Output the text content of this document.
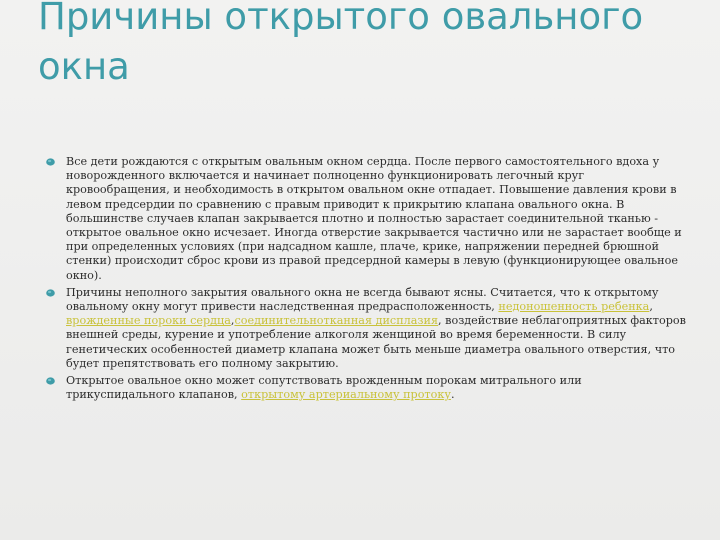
Причины открытого овального окна

Все дети рождаются с открытым овальным окном сердца. После первого самостоятельного вдоха у новорожденного включается и начинает полноценно функционировать легочный круг кровообращения, и необходимость в открытом овальном окне отпадает. Повышение давления крови в левом предсердии по сравнению с правым приводит к прикрытию клапана овального окна. В большинстве случаев клапан закрывается плотно и полностью зарастает соединительной тканью - открытое овальное окно исчезает. Иногда отверстие закрывается частично или не зарастает вообще и при определенных условиях (при надсадном кашле, плаче, крике, напряжении передней брюшной стенки) происходит сброс крови из правой предсердной камеры в левую (функционирующее овальное окно).

Причины неполного закрытия овального окна не всегда бывают ясны. Считается, что к открытому овальному окну могут привести наследственная предрасположенность, недоношенность ребенка, врожденные пороки сердца,соединительнотканная дисплазия, воздействие неблагоприятных факторов внешней среды, курение и употребление алкоголя женщиной во время беременности. В силу генетических особенностей диаметр клапана может быть меньше диаметра овального отверстия, что будет препятствовать его полному закрытию.

Открытое овальное окно может сопутствовать врожденным порокам митрального или трикуспидального клапанов, открытому артериальному протоку.
